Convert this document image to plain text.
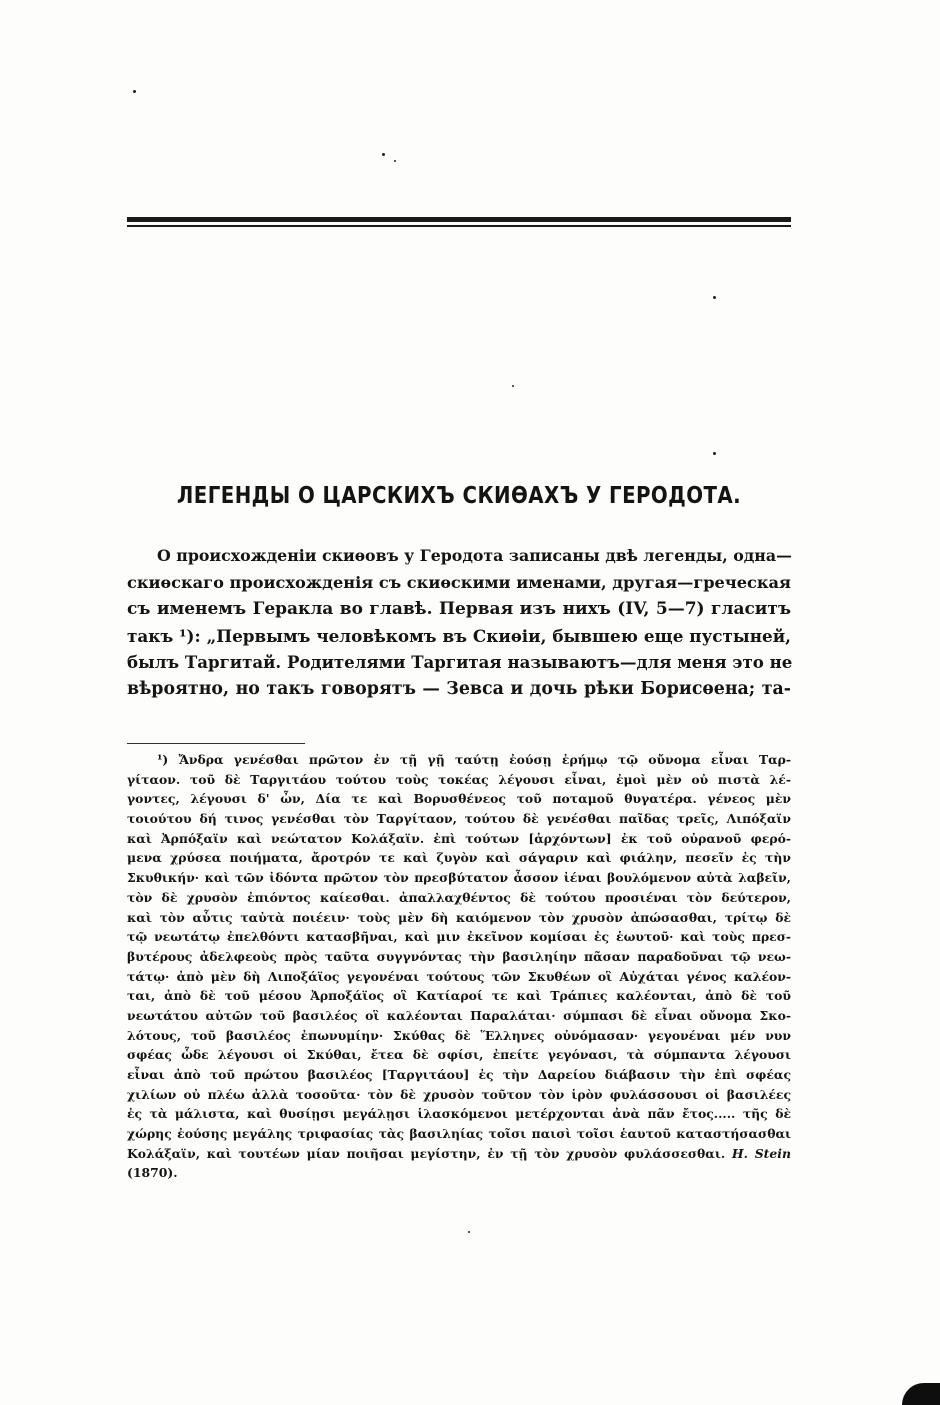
ЛЕГЕНДЫ О ЦАРСКИХЪ СКИѲАХЪ У ГЕРОДОТА.
О происхожденіи скиѳовъ у Геродота записаны двѣ легенды, одна—
скиѳскаго происхожденія съ скиѳскими именами, другая—греческая
съ именемъ Геракла во главѣ. Первая изъ нихъ (IV, 5—7) гласитъ
такъ ¹): „Первымъ человѣкомъ въ Скиѳіи, бывшею еще пустыней,
былъ Таргитай. Родителями Таргитая называютъ—для меня это не
вѣроятно, но такъ говорятъ — Зевса и дочь рѣки Борисѳена; та-
¹) Ἄνδρα γενέσθαι πρῶτον ἐν τῇ γῇ ταύτῃ ἐούσῃ ἐρήμῳ τῷ οὔνομα εἶναι Ταρ-
γίταον. τοῦ δὲ Ταργιτάου τούτου τοὺς τοκέας λέγουσι εἶναι, ἐμοὶ μὲν οὐ πιστὰ λέ-
γοντες, λέγουσι δ' ὦν, Δία τε καὶ Βορυσθένεος τοῦ ποταμοῦ θυγατέρα. γένεος μὲν
τοιούτου δή τινος γενέσθαι τὸν Ταργίταον, τούτου δὲ γενέσθαι παῖδας τρεῖς, Λιπόξαϊν
καὶ Ἀρπόξαϊν καὶ νεώτατον Κολάξαϊν. ἐπὶ τούτων [ἀρχόντων] ἐκ τοῦ οὐρανοῦ φερό-
μενα χρύσεα ποιήματα, ἄροτρόν τε καὶ ζυγὸν καὶ σάγαριν καὶ φιάλην, πεσεῖν ἐς τὴν
Σκυθικήν· καὶ τῶν ἰδόντα πρῶτον τὸν πρεσβύτατον ἆσσον ἰέναι βουλόμενον αὐτὰ λαβεῖν,
τὸν δὲ χρυσὸν ἐπιόντος καίεσθαι. ἀπαλλαχθέντος δὲ τούτου προσιέναι τὸν δεύτερον,
καὶ τὸν αὖτις ταὐτὰ ποιέειν· τοὺς μὲν δὴ καιόμενον τὸν χρυσὸν ἀπώσασθαι, τρίτῳ δὲ
τῷ νεωτάτῳ ἐπελθόντι κατασβῆναι, καὶ μιν ἐκεῖνον κομίσαι ἐς ἑωυτοῦ· καὶ τοὺς πρεσ-
βυτέρους ἀδελφεοὺς πρὸς ταῦτα συγγνόντας τὴν βασιληίην πᾶσαν παραδοῦναι τῷ νεω-
τάτῳ· ἀπὸ μὲν δὴ Λιποξάϊος γεγονέναι τούτους τῶν Σκυθέων οἳ Αὐχάται γένος καλέον-
ται, ἀπὸ δὲ τοῦ μέσου Ἀρποξάϊος οἳ Κατίαροί τε καὶ Τράπιες καλέονται, ἀπὸ δὲ τοῦ
νεωτάτου αὐτῶν τοῦ βασιλέος οἳ καλέονται Παραλάται· σύμπασι δὲ εἶναι οὔνομα Σκο-
λότους, τοῦ βασιλέος ἐπωνυμίην· Σκύθας δὲ Ἕλληνες οὐνόμασαν· γεγονέναι μέν νυν
σφέας ὧδε λέγουσι οἱ Σκύθαι, ἔτεα δὲ σφίσι, ἐπείτε γεγόνασι, τὰ σύμπαντα λέγουσι
εἶναι ἀπὸ τοῦ πρώτου βασιλέος [Ταργιτάου] ἐς τὴν Δαρείου διάβασιν τὴν ἐπὶ σφέας
χιλίων οὐ πλέω ἀλλὰ τοσοῦτα· τὸν δὲ χρυσὸν τοῦτον τὸν ἱρὸν φυλάσσουσι οἱ βασιλέες
ἐς τὰ μάλιστα, καὶ θυσίῃσι μεγάλῃσι ἱλασκόμενοι μετέρχονται ἀνὰ πᾶν ἔτος..... τῆς δὲ
χώρης ἐούσης μεγάλης τριφασίας τὰς βασιληίας τοῖσι παισὶ τοῖσι ἑαυτοῦ καταστήσασθαι
Κολάξαϊν, καὶ τουτέων μίαν ποιῆσαι μεγίστην, ἐν τῇ τὸν χρυσὸν φυλάσσεσθαι. H. Stein
(1870).
